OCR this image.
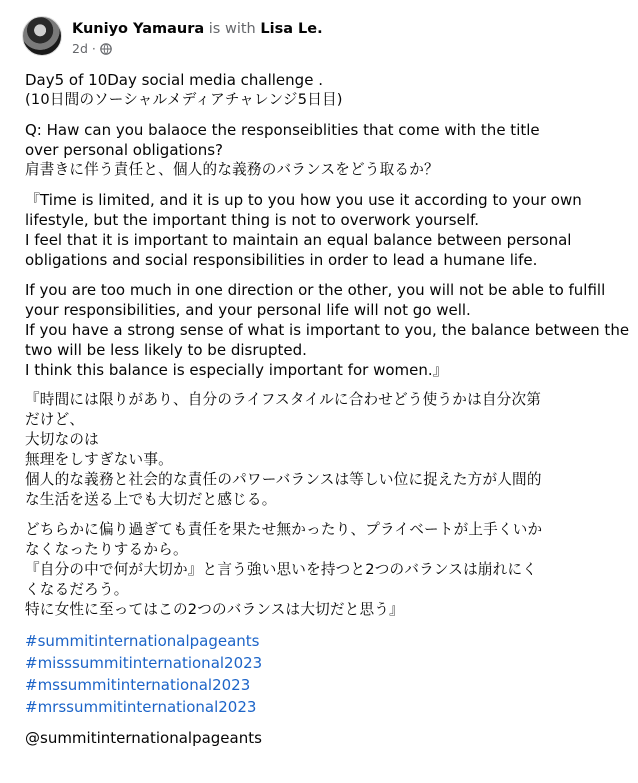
Kuniyo Yamaura is with Lisa Le.
2d ·
Day5 of 10Day social media challenge .
(10日間のソーシャルメディアチャレンジ5日目)
Q: Haw can you balaoce the responseiblities that come with the title
over personal obligations?
肩書きに伴う責任と、個人的な義務のバランスをどう取るか？
『Time is limited, and it is up to you how you use it according to your own
lifestyle, but the important thing is not to overwork yourself.
I feel that it is important to maintain an equal balance between personal
obligations and social responsibilities in order to lead a humane life.
If you are too much in one direction or the other, you will not be able to fulfill
your responsibilities, and your personal life will not go well.
If you have a strong sense of what is important to you, the balance between the
two will be less likely to be disrupted.
I think this balance is especially important for women.』
『時間には限りがあり、自分のライフスタイルに合わせどう使うかは自分次第
だけど、
大切なのは
無理をしすぎない事。
個人的な義務と社会的な責任のパワーバランスは等しい位に捉えた方が人間的
な生活を送る上でも大切だと感じる。
どちらかに偏り過ぎても責任を果たせ無かったり、プライベートが上手くいか
なくなったりするから。
『自分の中で何が大切か』と言う強い思いを持つと2つのバランスは崩れにく
くなるだろう。
特に女性に至ってはこの2つのバランスは大切だと思う』
#summitinternationalpageants
#misssummitinternational2023
#mssummitinternational2023
#mrssummitinternational2023
@summitinternationalpageants
